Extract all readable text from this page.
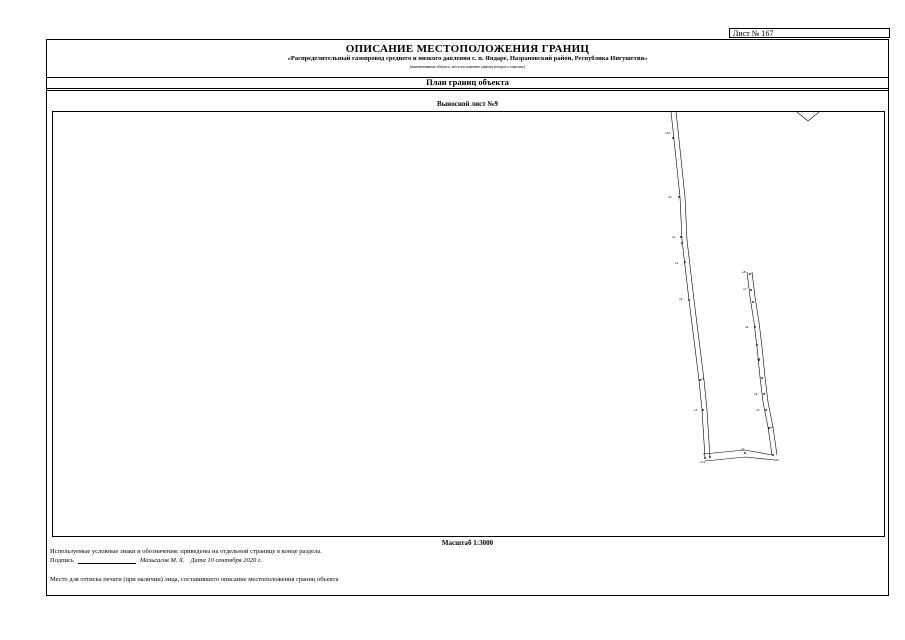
Лист № 167
ОПИСАНИЕ МЕСТОПОЛОЖЕНИЯ ГРАНИЦ
«Распределительный газопровод среднего и низкого давления с. п. Яндаре, Назрановский район, Республика Ингушетия»
(наименование объекта, местоположение границ которого описано)
План границ объекта
Выносной лист №9
н3.5
н9
н1
н2
н4
н5
н3
н8
н7
н6
н5
н4
н3
н2
н1
н10
н11
Масштаб 1:3000
Используемые условные знаки и обозначения: приведены на отдельной странице в конце раздела.
Подпись	Мальсагов М. Х. Дата 10 сентября 2020 г.
Место для оттиска печати (при наличии) лица, составившего описание местоположения границ объекта
